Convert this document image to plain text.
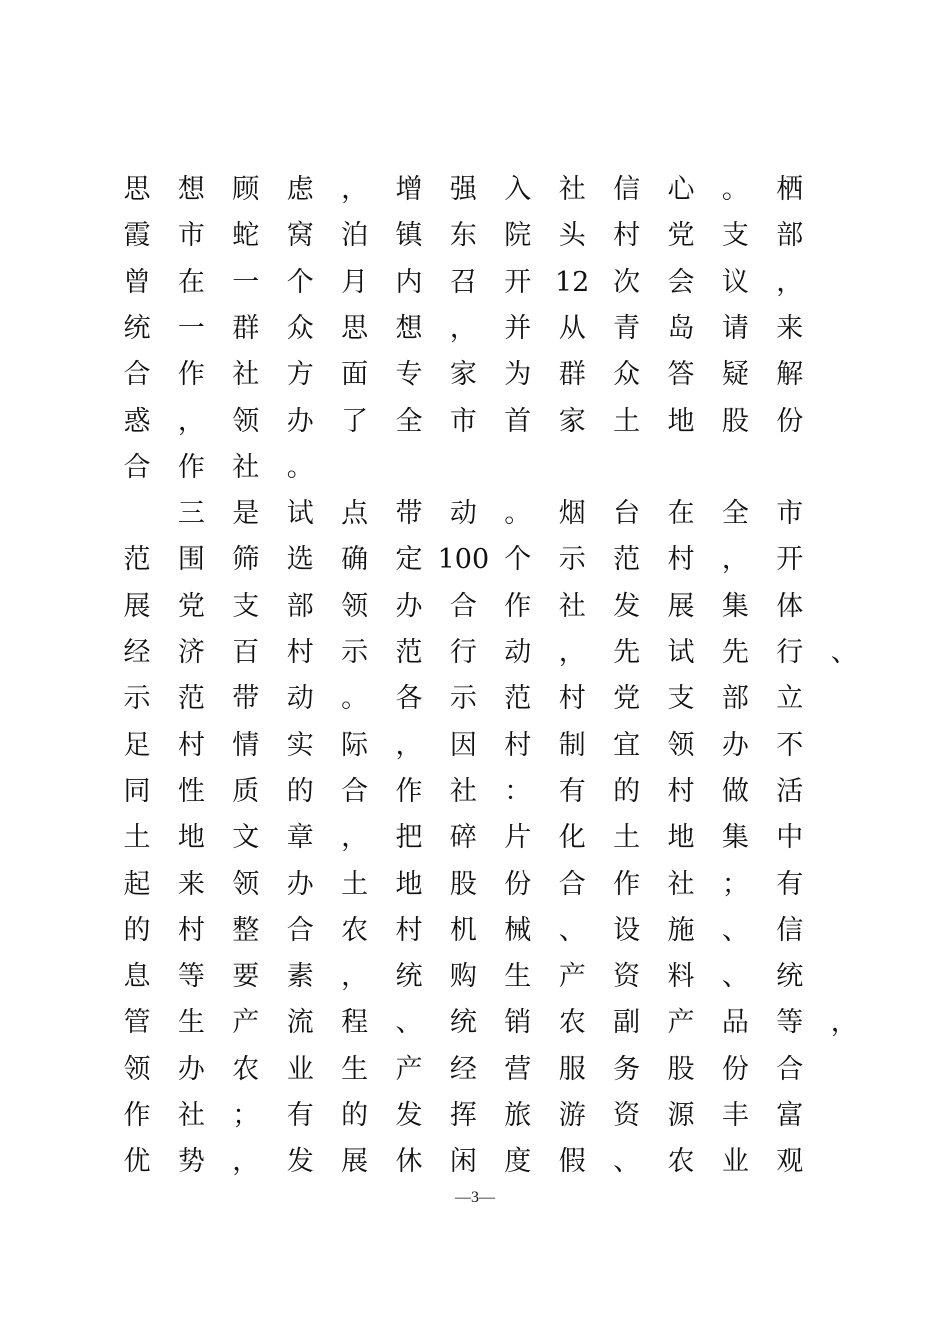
思 想 顾 虑 ， 增 强 入 社 信 心 。 栖
霞 市 蛇 窝 泊 镇 东 院 头 村 党 支 部
曾 在 一 个 月 内 召 开 12 次 会 议 ，
统 一 群 众 思 想 ， 并 从 青 岛 请 来
合 作 社 方 面 专 家 为 群 众 答 疑 解
惑 ， 领 办 了 全 市 首 家 土 地 股 份
合 作 社 。
三 是 试 点 带 动 。 烟 台 在 全 市
范 围 筛 选 确 定 100 个 示 范 村 ， 开
展 党 支 部 领 办 合 作 社 发 展 集 体
经 济 百 村 示 范 行 动 ， 先 试 先 行 、
示 范 带 动 。 各 示 范 村 党 支 部 立
足 村 情 实 际 ， 因 村 制 宜 领 办 不
同 性 质 的 合 作 社 ： 有 的 村 做 活
土 地 文 章 ， 把 碎 片 化 土 地 集 中
起 来 领 办 土 地 股 份 合 作 社 ； 有
的 村 整 合 农 村 机 械 、 设 施 、 信
息 等 要 素 ， 统 购 生 产 资 料 、 统
管 生 产 流 程 、 统 销 农 副 产 品 等 ，
领 办 农 业 生 产 经 营 服 务 股 份 合
作 社 ； 有 的 发 挥 旅 游 资 源 丰 富
优 势 ， 发 展 休 闲 度 假 、 农 业 观
—3—
